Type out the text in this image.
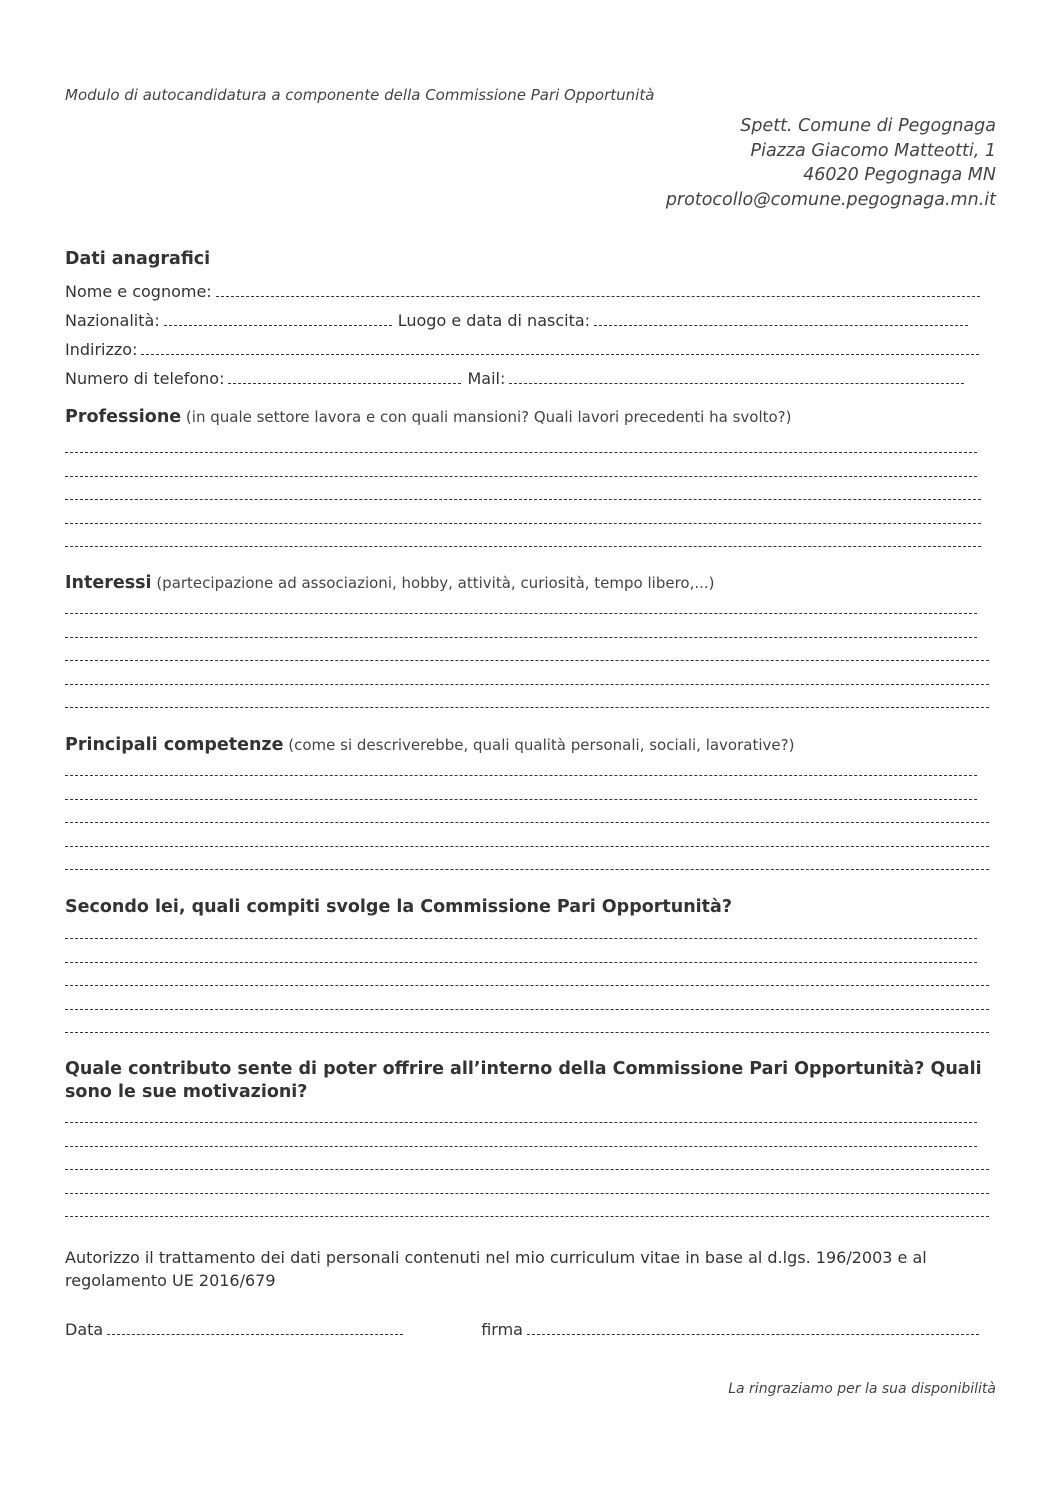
Modulo di autocandidatura a componente della Commissione Pari Opportunità
Spett. Comune di Pegognaga
Piazza Giacomo Matteotti, 1
46020 Pegognaga MN
protocollo@comune.pegognaga.mn.it
Dati anagrafici
Nome e cognome:
Nazionalità:	Luogo e data di nascita:
Indirizzo:
Numero di telefono:	Mail:
Professione (in quale settore lavora e con quali mansioni? Quali lavori precedenti ha svolto?)
Interessi (partecipazione ad associazioni, hobby, attività, curiosità, tempo libero,...)
Principali competenze (come si descriverebbe, quali qualità personali, sociali, lavorative?)
Secondo lei, quali compiti svolge la Commissione Pari Opportunità?
Quale contributo sente di poter offrire all’interno della Commissione Pari Opportunità? Quali sono le sue motivazioni?
Autorizzo il trattamento dei dati personali contenuti nel mio curriculum vitae in base al d.lgs. 196/2003 e al regolamento UE 2016/679
Data	firma
La ringraziamo per la sua disponibilità
